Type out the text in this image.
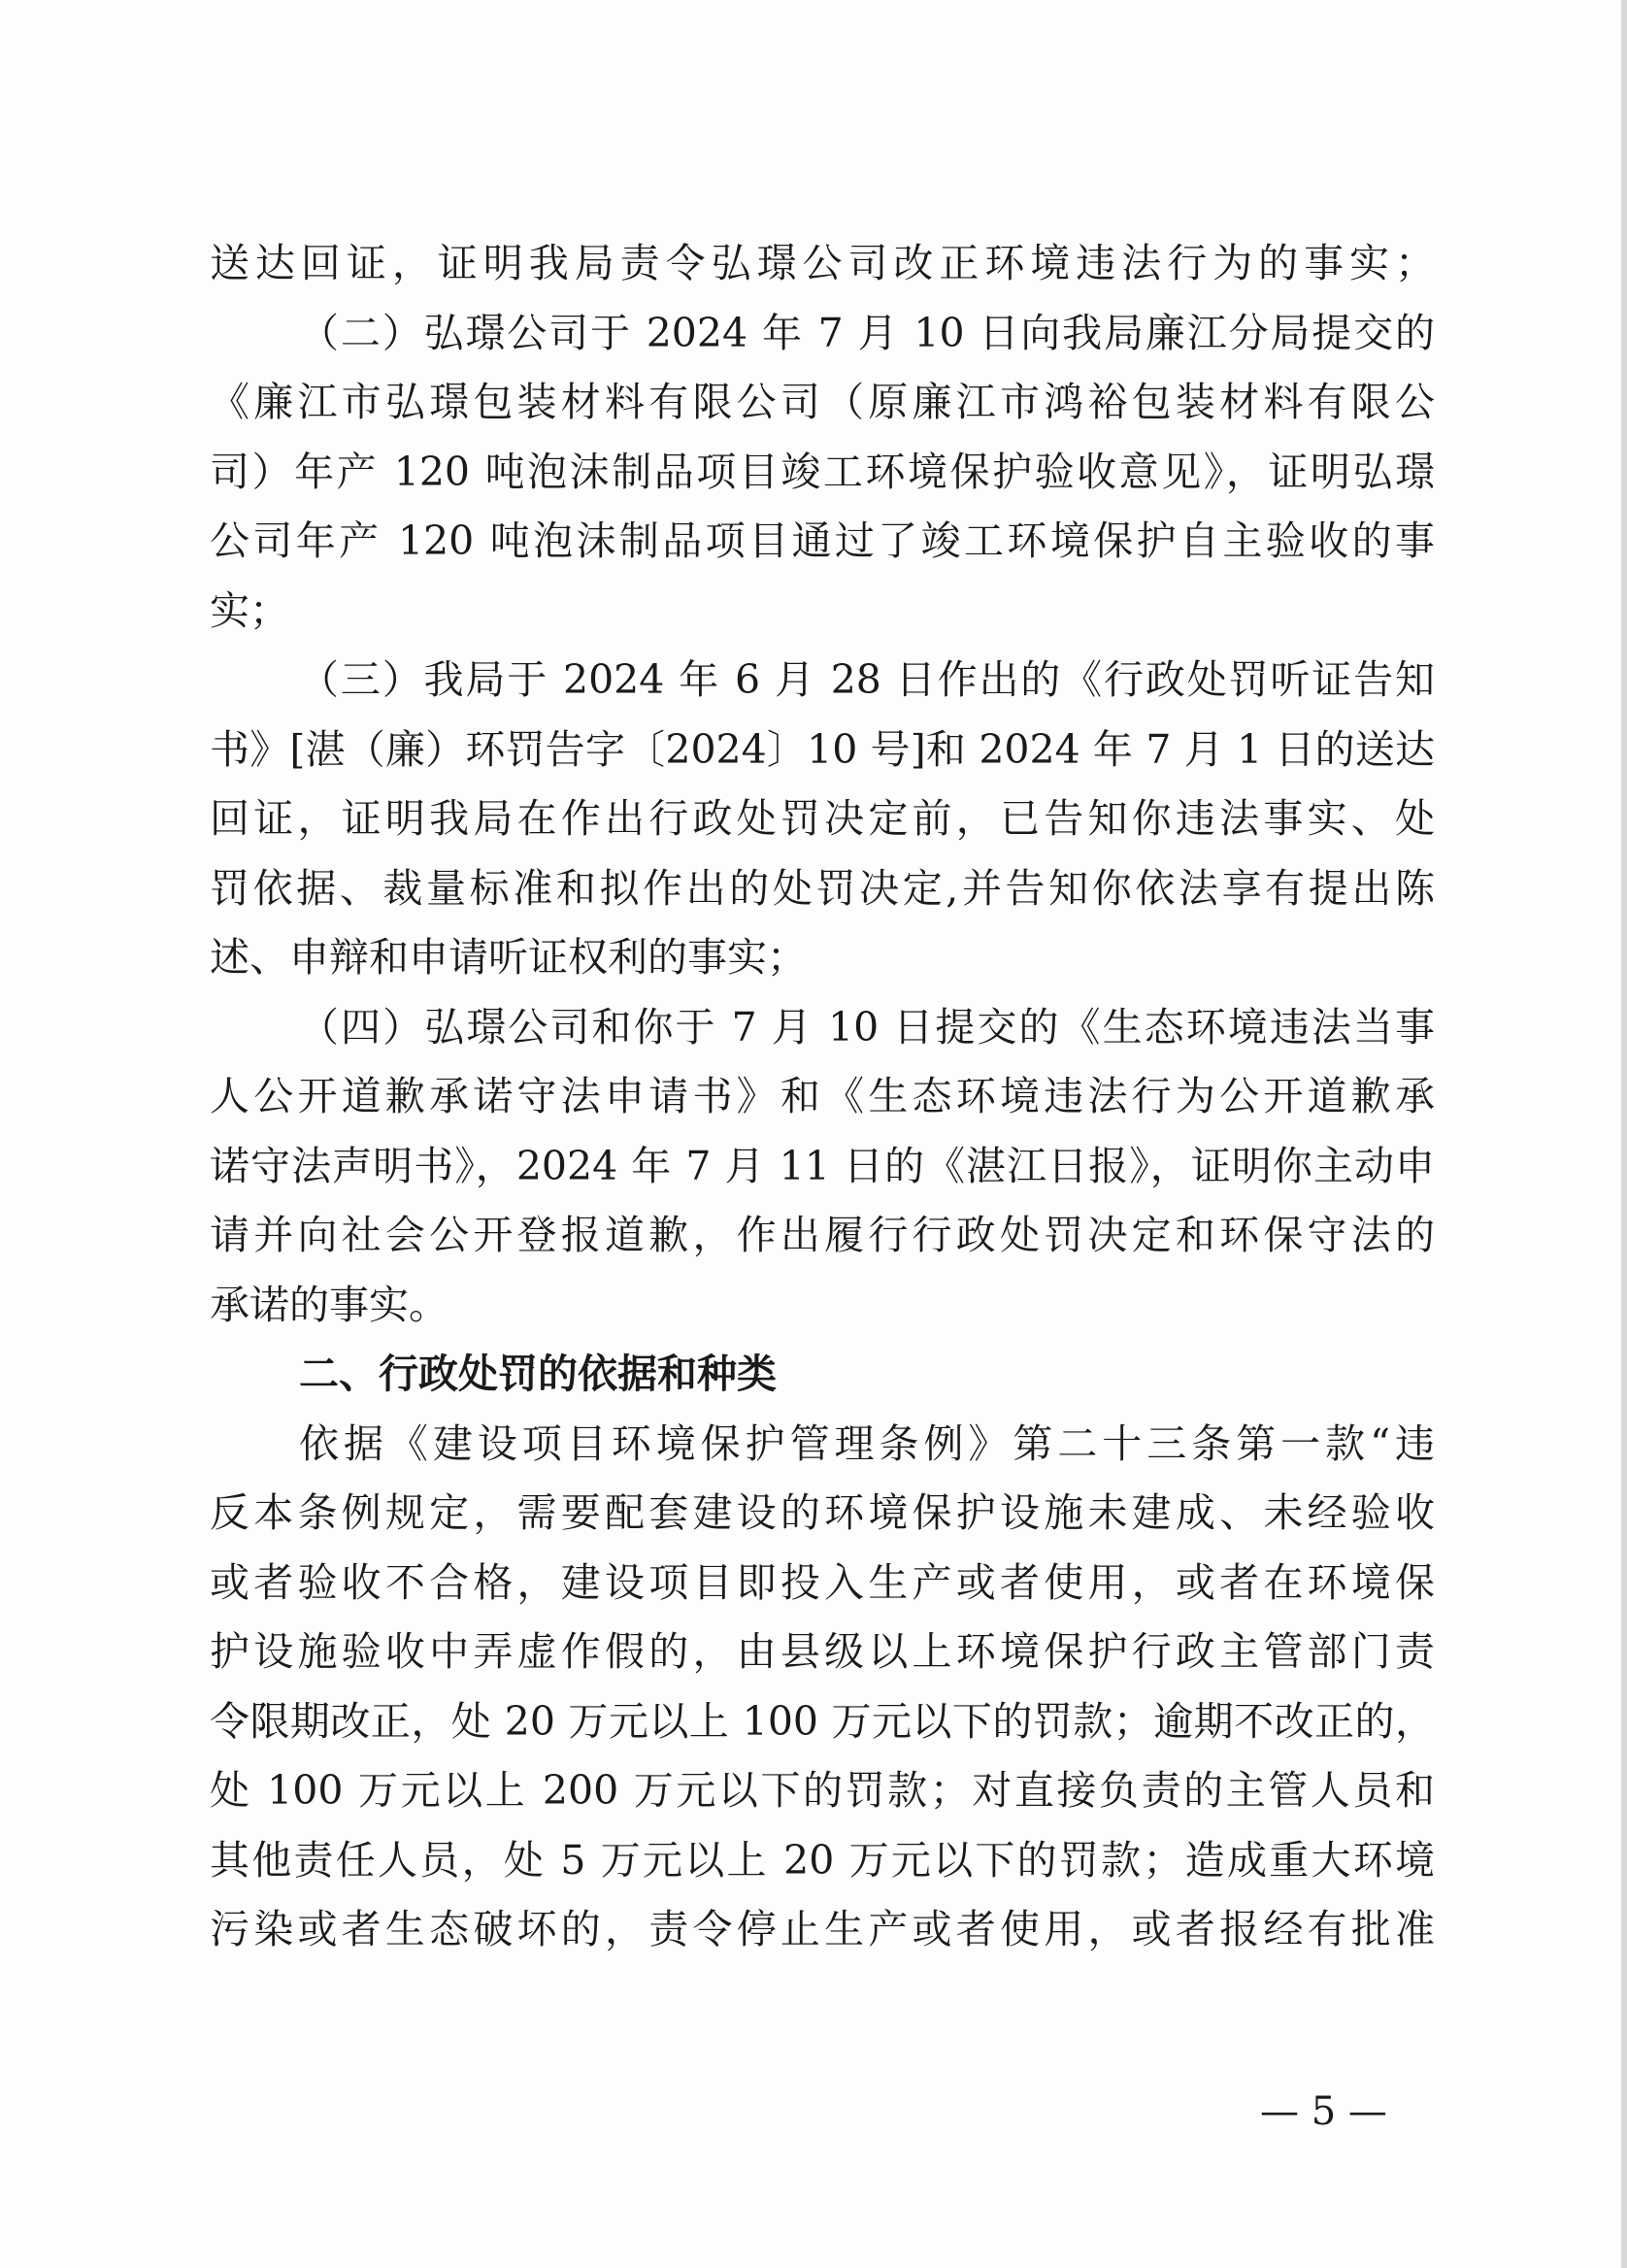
送达回证，证明我局责令弘璟公司改正环境违法行为的事实；
（二）弘璟公司于 2024 年 7 月 10 日向我局廉江分局提交的
《廉江市弘璟包装材料有限公司（原廉江市鸿裕包装材料有限公
司）年产 120 吨泡沫制品项目竣工环境保护验收意见》，证明弘璟
公司年产 120 吨泡沫制品项目通过了竣工环境保护自主验收的事
实；
（三）我局于 2024 年 6 月 28 日作出的《行政处罚听证告知
书》[湛（廉）环罚告字〔2024〕10 号]和 2024 年 7 月 1 日的送达
回证，证明我局在作出行政处罚决定前，已告知你违法事实、处
罚依据、裁量标准和拟作出的处罚决定,并告知你依法享有提出陈
述、申辩和申请听证权利的事实；
（四）弘璟公司和你于 7 月 10 日提交的《生态环境违法当事
人公开道歉承诺守法申请书》和《生态环境违法行为公开道歉承
诺守法声明书》，2024 年 7 月 11 日的《湛江日报》，证明你主动申
请并向社会公开登报道歉，作出履行行政处罚决定和环保守法的
承诺的事实。
二、行政处罚的依据和种类
依据《建设项目环境保护管理条例》第二十三条第一款“违
反本条例规定，需要配套建设的环境保护设施未建成、未经验收
或者验收不合格，建设项目即投入生产或者使用，或者在环境保
护设施验收中弄虚作假的，由县级以上环境保护行政主管部门责
令限期改正，处 20 万元以上 100 万元以下的罚款；逾期不改正的，
处 100 万元以上 200 万元以下的罚款；对直接负责的主管人员和
其他责任人员，处 5 万元以上 20 万元以下的罚款；造成重大环境
污染或者生态破坏的，责令停止生产或者使用，或者报经有批准
— 5 —
